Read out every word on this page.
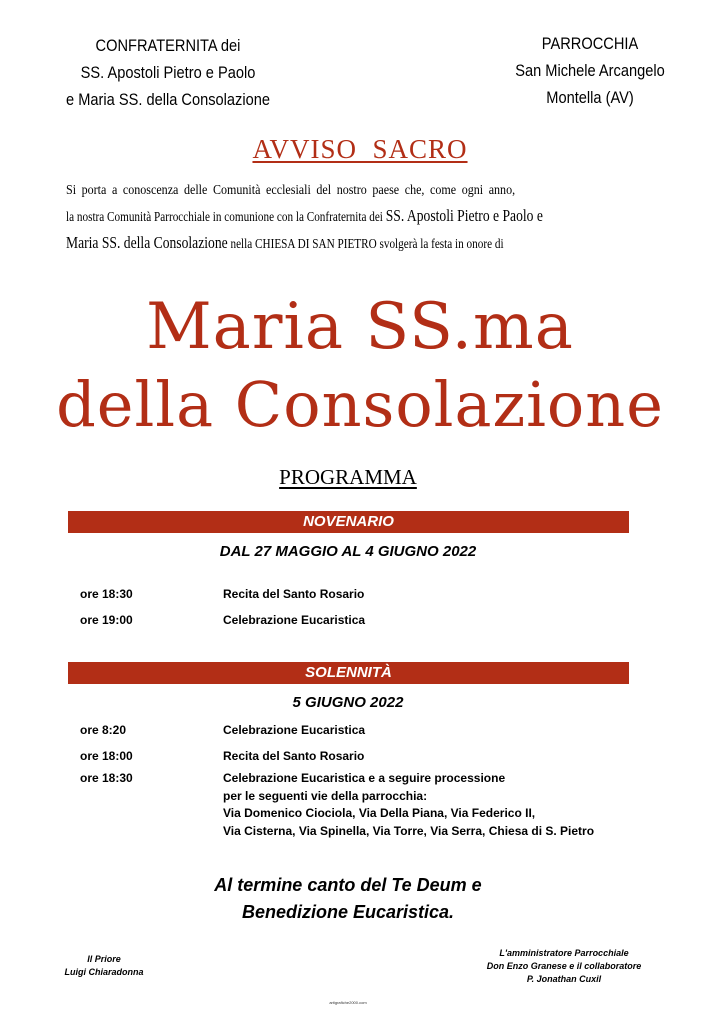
CONFRATERNITA dei
SS. Apostoli Pietro e Paolo
e Maria SS. della Consolazione
PARROCCHIA
San Michele Arcangelo
Montella (AV)
AVVISO  SACRO
Si porta a conoscenza delle Comunità ecclesiali del nostro paese che, come ogni anno,
la nostra Comunità Parrocchiale in comunione con la Confraternita dei SS. Apostoli Pietro e Paolo e
Maria SS. della Consolazione nella CHIESA DI SAN PIETRO svolgerà la festa in onore di
Maria SS.ma
della Consolazione
PROGRAMMA
NOVENARIO
DAL 27 MAGGIO AL 4 GIUGNO 2022
ore 18:30	Recita del Santo Rosario
ore 19:00	Celebrazione Eucaristica
SOLENNITÀ
5 GIUGNO 2022
ore 8:20	Celebrazione Eucaristica
ore 18:00	Recita del Santo Rosario
ore 18:30	Celebrazione Eucaristica e a seguire processione
per le seguenti vie della parrocchia:
Via Domenico Ciociola, Via Della Piana, Via Federico II,
Via Cisterna, Via Spinella, Via Torre, Via Serra, Chiesa di S. Pietro
Al termine canto del Te Deum e
Benedizione Eucaristica.
Il Priore
Luigi Chiaradonna
L'amministratore Parrocchiale
Don Enzo Granese e il collaboratore
P. Jonathan Cuxil
artigrafiche2000.com
